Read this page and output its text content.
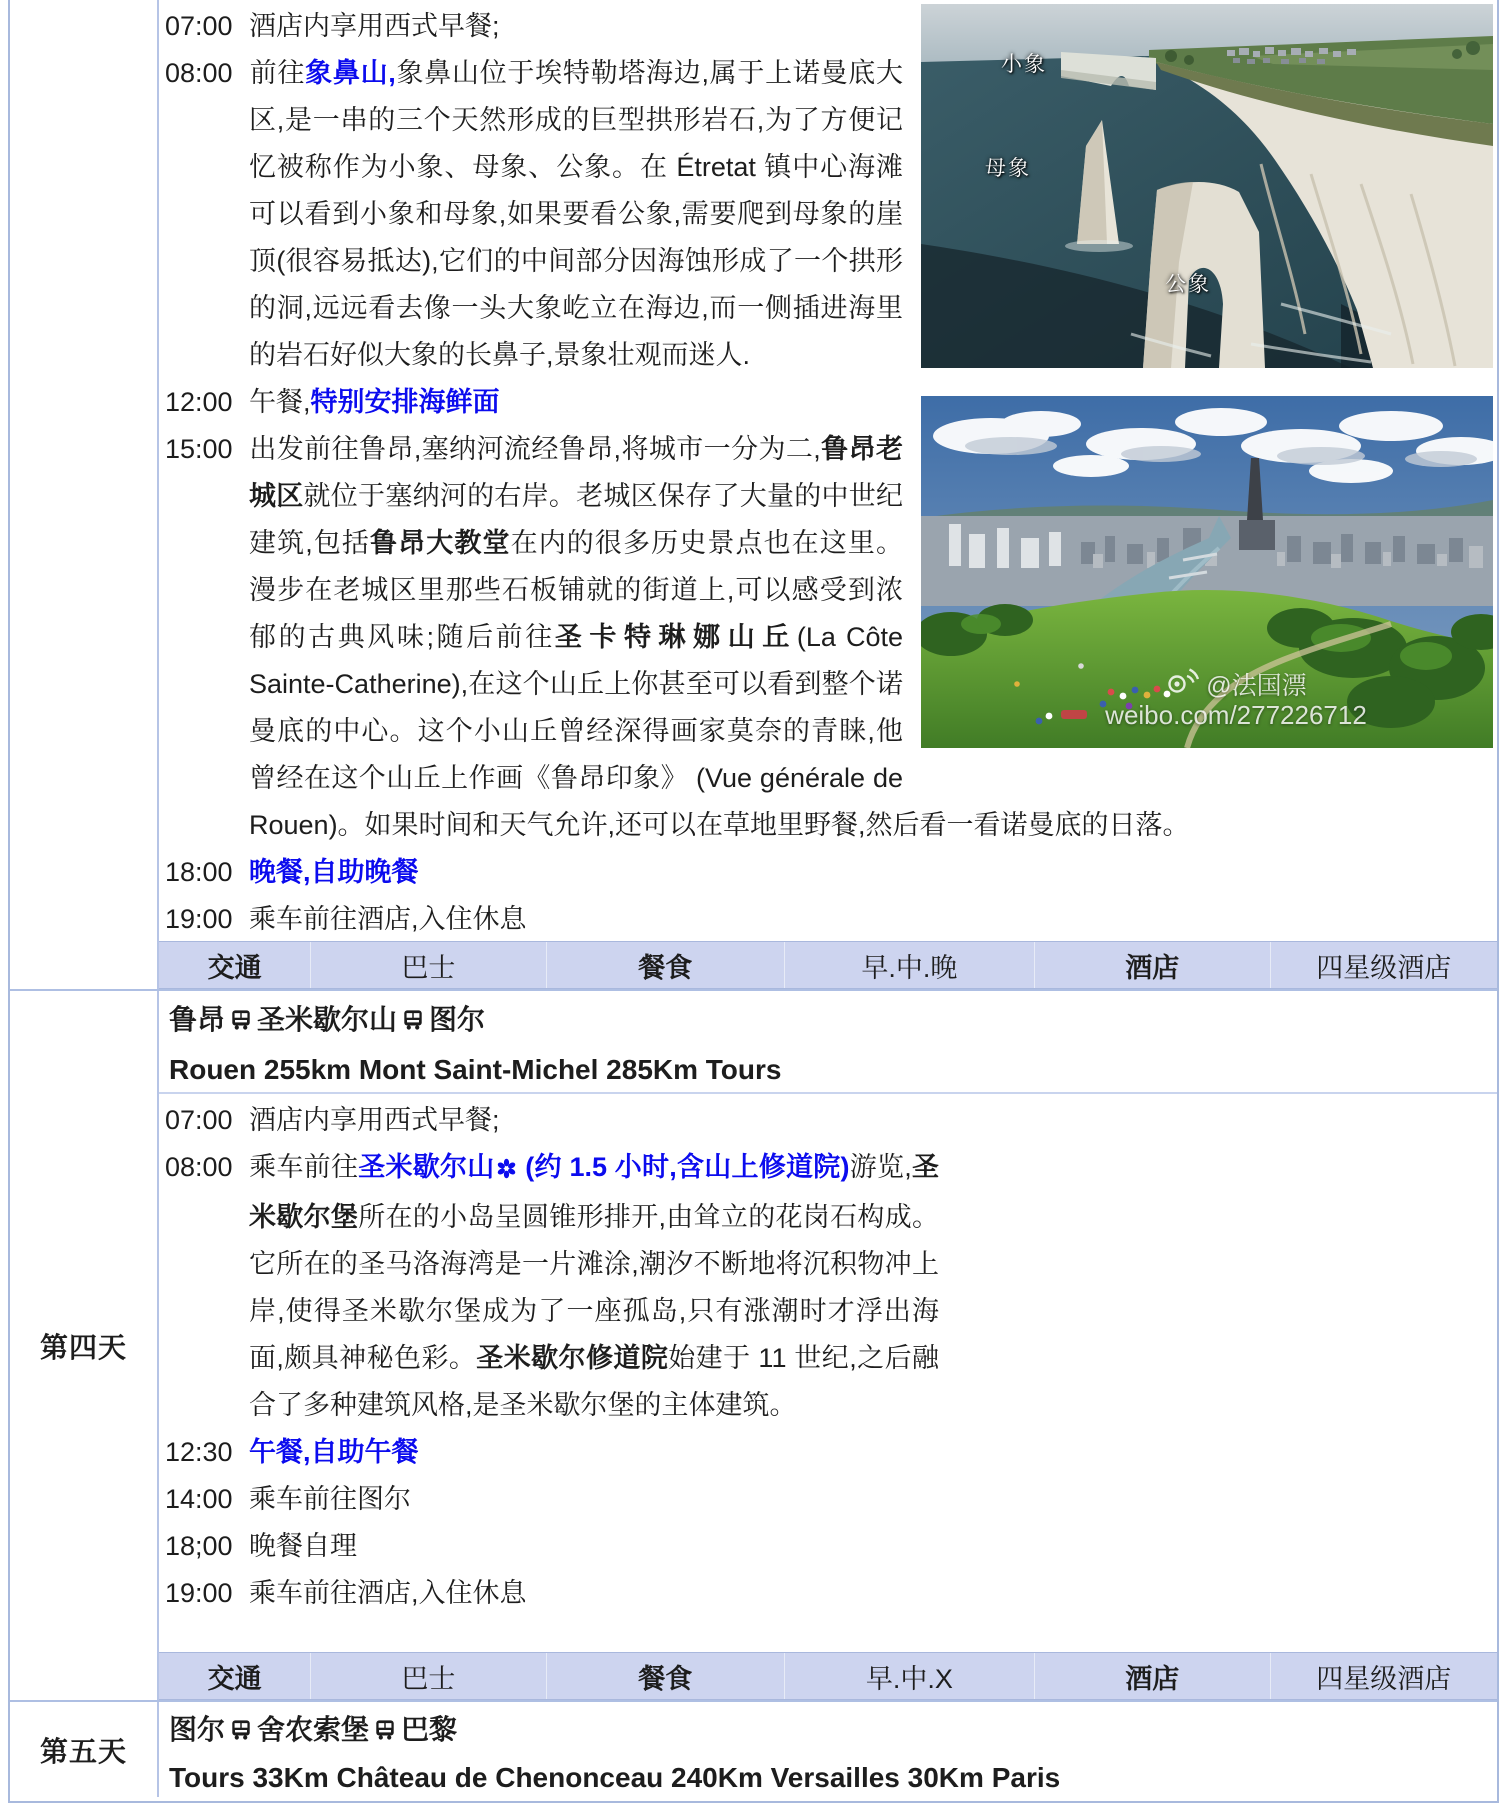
小象
母象
公象
@法国漂
weibo.com/277226712
07:00 酒店内享用西式早餐;
08:00 前往象鼻山,象鼻山位于埃特勒塔海边,属于上诺曼底大区,是一串的三个天然形成的巨型拱形岩石,为了方便记忆被称作为小象、母象、公象。在 Étretat 镇中心海滩可以看到小象和母象,如果要看公象,需要爬到母象的崖顶(很容易抵达),它们的中间部分因海蚀形成了一个拱形的洞,远远看去像一头大象屹立在海边,而一侧插进海里的岩石好似大象的长鼻子,景象壮观而迷人.
12:00 午餐,特别安排海鲜面
15:00 出发前往鲁昂,塞纳河流经鲁昂,将城市一分为二,鲁昂老城区就位于塞纳河的右岸。老城区保存了大量的中世纪建筑,包括鲁昂大教堂在内的很多历史景点也在这里。漫步在老城区里那些石板铺就的街道上,可以感受到浓郁的古典风味;随后前往圣卡特琳娜山丘(La Côte Sainte-Catherine),在这个山丘上你甚至可以看到整个诺曼底的中心。这个小山丘曾经深得画家莫奈的青睐,他曾经在这个山丘上作画《鲁昂印象》 (Vue générale de Rouen)。如果时间和天气允许,还可以在草地里野餐,然后看一看诺曼底的日落。
18:00 晚餐,自助晚餐
19:00 乘车前往酒店,入住休息
交通	巴士	餐食	早.中.晚	酒店	四星级酒店
第四天
鲁昂 圣米歇尔山 图尔
Rouen 255km Mont Saint-Michel 285Km Tours
07:00 酒店内享用西式早餐;
08:00 乘车前往圣米歇尔山 (约 1.5 小时,含山上修道院)游览,圣米歇尔堡所在的小岛呈圆锥形排开,由耸立的花岗石构成。它所在的圣马洛海湾是一片滩涂,潮汐不断地将沉积物冲上岸,使得圣米歇尔堡成为了一座孤岛,只有涨潮时才浮出海面,颇具神秘色彩。圣米歇尔修道院始建于 11 世纪,之后融合了多种建筑风格,是圣米歇尔堡的主体建筑。
12:30 午餐,自助午餐
14:00 乘车前往图尔
18;00 晚餐自理
19:00 乘车前往酒店,入住休息
交通	巴士	餐食	早.中.X	酒店	四星级酒店
第五天
图尔 舍农索堡 巴黎
Tours 33Km Château de Chenonceau 240Km Versailles 30Km Paris
